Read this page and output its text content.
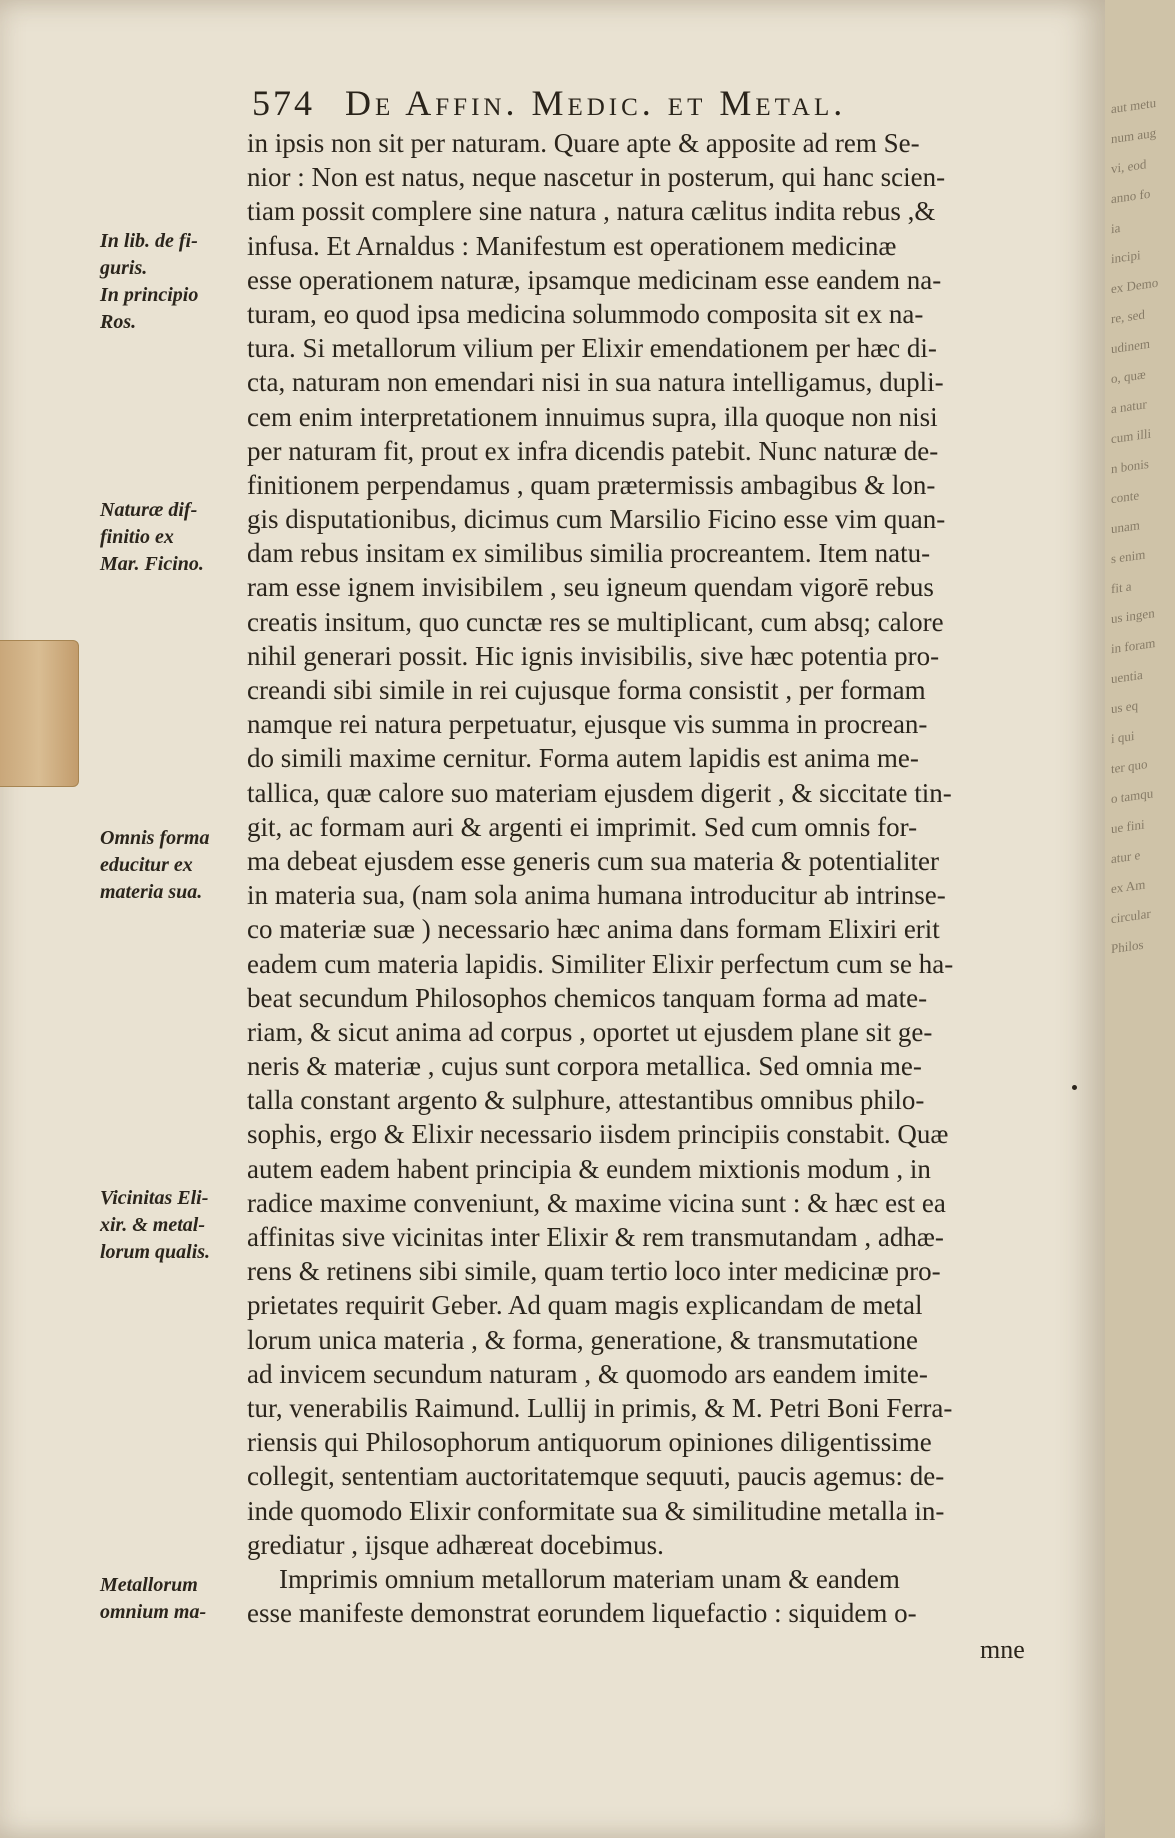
574 De Affin. Medic. et Metal.
in ipsis non sit per naturam. Quare apte & apposite ad rem Se-
nior : Non est natus, neque nascetur in posterum, qui hanc scien-
tiam possit complere sine natura , natura cælitus indita rebus ,&
infusa. Et Arnaldus : Manifestum est operationem medicinæ
esse operationem naturæ, ipsamque medicinam esse eandem na-
turam, eo quod ipsa medicina solummodo composita sit ex na-
tura. Si metallorum vilium per Elixir emendationem per hæc di-
cta, naturam non emendari nisi in sua natura intelligamus, dupli-
cem enim interpretationem innuimus supra, illa quoque non nisi
per naturam fit, prout ex infra dicendis patebit. Nunc naturæ de-
finitionem perpendamus , quam prætermissis ambagibus & lon-
gis disputationibus, dicimus cum Marsilio Ficino esse vim quan-
dam rebus insitam ex similibus similia procreantem. Item natu-
ram esse ignem invisibilem , seu igneum quendam vigorē rebus
creatis insitum, quo cunctæ res se multiplicant, cum absq; calore
nihil generari possit. Hic ignis invisibilis, sive hæc potentia pro-
creandi sibi simile in rei cujusque forma consistit , per formam
namque rei natura perpetuatur, ejusque vis summa in procrean-
do simili maxime cernitur. Forma autem lapidis est anima me-
tallica, quæ calore suo materiam ejusdem digerit , & siccitate tin-
git, ac formam auri & argenti ei imprimit. Sed cum omnis for-
ma debeat ejusdem esse generis cum sua materia & potentialiter
in materia sua, (nam sola anima humana introducitur ab intrinse-
co materiæ suæ ) necessario hæc anima dans formam Elixiri erit
eadem cum materia lapidis. Similiter Elixir perfectum cum se ha-
beat secundum Philosophos chemicos tanquam forma ad mate-
riam, & sicut anima ad corpus , oportet ut ejusdem plane sit ge-
neris & materiæ , cujus sunt corpora metallica. Sed omnia me-
talla constant argento & sulphure, attestantibus omnibus philo-
sophis, ergo & Elixir necessario iisdem principiis constabit. Quæ
autem eadem habent principia & eundem mixtionis modum , in
radice maxime conveniunt, & maxime vicina sunt : & hæc est ea
affinitas sive vicinitas inter Elixir & rem transmutandam , adhæ-
rens & retinens sibi simile, quam tertio loco inter medicinæ pro-
prietates requirit Geber. Ad quam magis explicandam de metal
lorum unica materia , & forma, generatione, & transmutatione
ad invicem secundum naturam , & quomodo ars eandem imite-
tur, venerabilis Raimund. Lullij in primis, & M. Petri Boni Ferra-
riensis qui Philosophorum antiquorum opiniones diligentissime
collegit, sententiam auctoritatemque sequuti, paucis agemus: de-
inde quomodo Elixir conformitate sua & similitudine metalla in-
grediatur , ijsque adhæreat docebimus.
Imprimis omnium metallorum materiam unam & eandem
esse manifeste demonstrat eorundem liquefactio : siquidem o-
mne
In lib. de fi-
guris.
In principio
Ros.
Naturæ dif-
finitio ex
Mar. Ficino.
Omnis forma
educitur ex
materia sua.
Vicinitas Eli-
xir. & metal-
lorum qualis.
Metallorum
omnium ma-
aut metu
num aug
vi, eod
anno fo
ia
incipi
ex Demo
re, sed
udinem
o, quæ
a natur
cum illi
n bonis
conte
unam
s enim
fit a
us ingen
in foram
uentia
us eq
i qui
ter quo
o tamqu
ue fini
atur e
ex Am
circular
Philos
